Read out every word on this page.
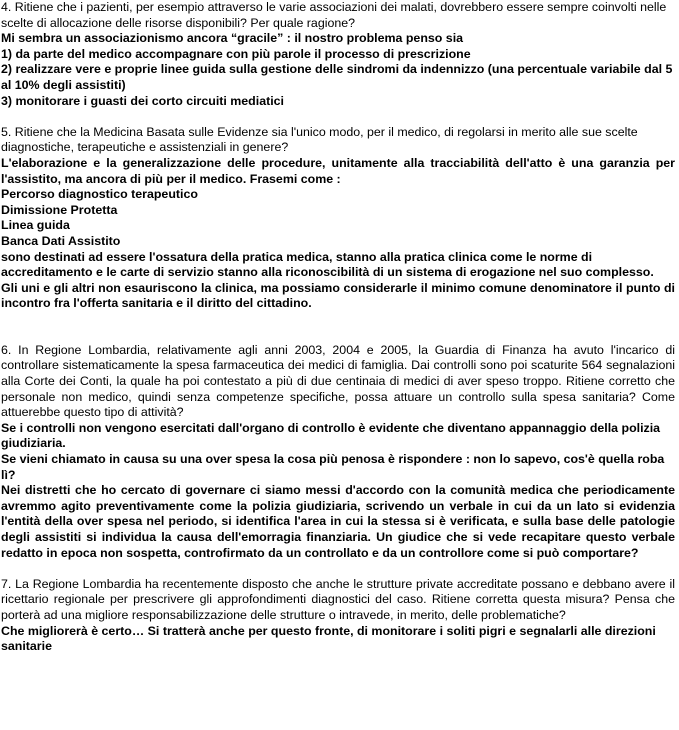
4. Ritiene che i pazienti, per esempio attraverso le varie associazioni dei malati, dovrebbero essere sempre coinvolti nelle scelte di allocazione delle risorse disponibili? Per quale ragione?

Mi sembra un associazionismo ancora “gracile” : il nostro problema penso sia

1) da parte del medico accompagnare con più parole il processo di prescrizione

2) realizzare vere e proprie linee guida sulla gestione delle sindromi da indennizzo (una percentuale variabile dal 5 al 10% degli assistiti)

3) monitorare i guasti dei corto circuiti mediatici

5. Ritiene che la Medicina Basata sulle Evidenze sia l'unico modo, per il medico, di regolarsi in merito alle sue scelte diagnostiche, terapeutiche e assistenziali in genere?

L'elaborazione e la generalizzazione delle procedure, unitamente alla tracciabilità dell'atto è una garanzia per l'assistito, ma ancora di più per il medico. Frasemi come :

Percorso diagnostico terapeutico

Dimissione Protetta

Linea guida

Banca Dati Assistito

sono destinati ad essere l'ossatura della pratica medica, stanno alla pratica clinica come le norme di accreditamento e le carte di servizio stanno alla riconoscibilità di un sistema di erogazione nel suo complesso.

Gli uni e gli altri non esauriscono la clinica, ma possiamo considerarle il minimo comune denominatore il punto di incontro fra l'offerta sanitaria e il diritto del cittadino.

6. In Regione Lombardia, relativamente agli anni 2003, 2004 e 2005, la Guardia di Finanza ha avuto l'incarico di controllare sistematicamente la spesa farmaceutica dei medici di famiglia. Dai controlli sono poi scaturite 564 segnalazioni alla Corte dei Conti, la quale ha poi contestato a più di due centinaia di medici di aver speso troppo. Ritiene corretto che personale non medico, quindi senza competenze specifiche, possa attuare un controllo sulla spesa sanitaria? Come attuerebbe questo tipo di attività?

Se i controlli non vengono esercitati dall'organo di controllo è evidente che diventano appannaggio della polizia giudiziaria.

Se vieni chiamato in causa su una over spesa la cosa più penosa è rispondere : non lo sapevo, cos'è quella roba lì?

Nei distretti che ho cercato di governare ci siamo messi d'accordo con la comunità medica che periodicamente avremmo agito preventivamente come la polizia giudiziaria, scrivendo un verbale in cui da un lato si evidenzia l'entità della over spesa nel periodo, si identifica l'area in cui la stessa si è verificata, e sulla base delle patologie degli assistiti si individua la causa dell'emorragia finanziaria. Un giudice che si vede recapitare questo verbale redatto in epoca non sospetta, controfirmato da un controllato e da un controllore come si può comportare?

7. La Regione Lombardia ha recentemente disposto che anche le strutture private accreditate possano e debbano avere il ricettario regionale per prescrivere gli approfondimenti diagnostici del caso. Ritiene corretta questa misura? Pensa che porterà ad una migliore responsabilizzazione delle strutture o intravede, in merito, delle problematiche?

Che migliorerà è certo… Si tratterà anche per questo fronte, di monitorare i soliti pigri e segnalarli alle direzioni sanitarie
